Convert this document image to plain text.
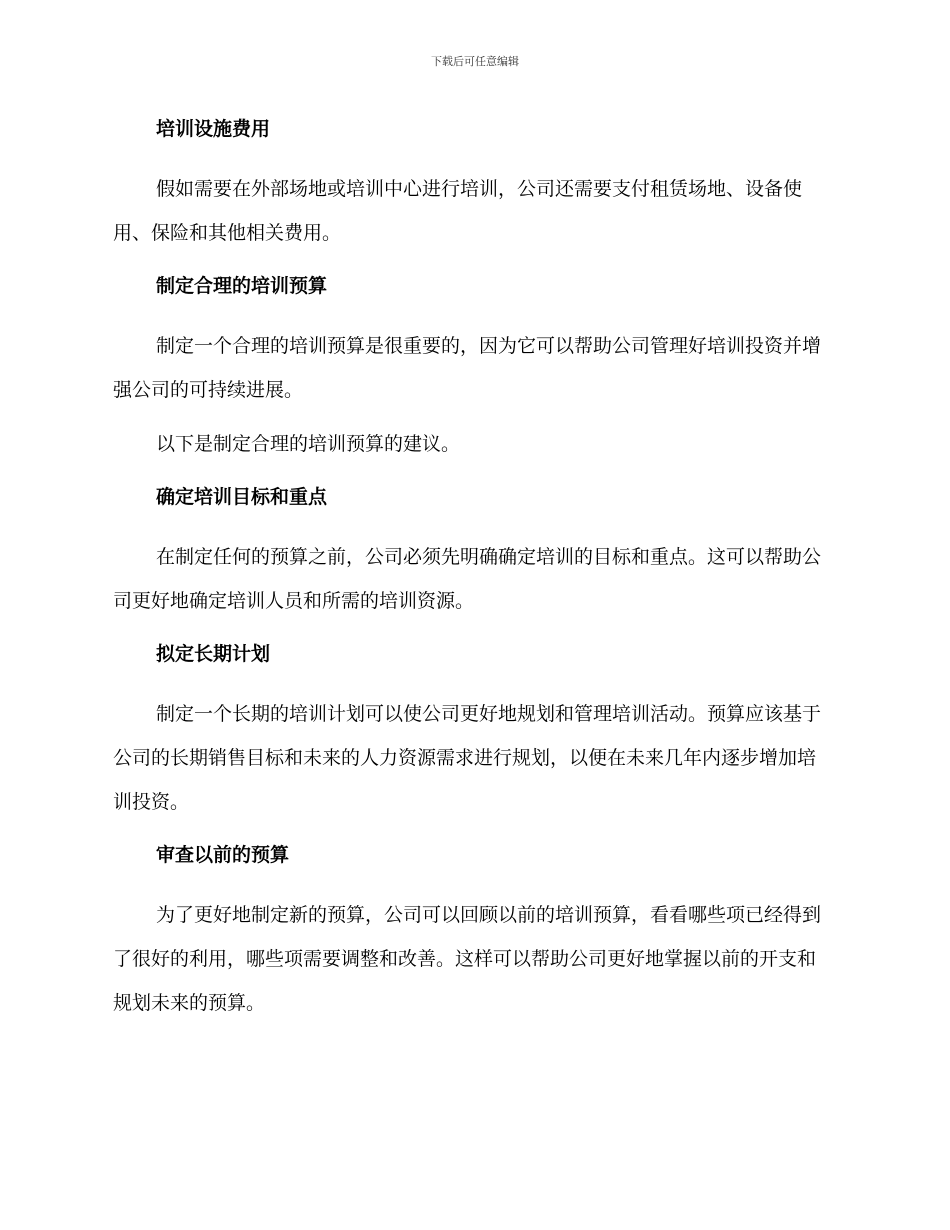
下载后可任意编辑
培训设施费用

假如需要在外部场地或培训中心进行培训，公司还需要支付租赁场地、设备使用、保险和其他相关费用。

制定合理的培训预算

制定一个合理的培训预算是很重要的，因为它可以帮助公司管理好培训投资并增强公司的可持续进展。

以下是制定合理的培训预算的建议。

确定培训目标和重点

在制定任何的预算之前，公司必须先明确确定培训的目标和重点。这可以帮助公司更好地确定培训人员和所需的培训资源。

拟定长期计划

制定一个长期的培训计划可以使公司更好地规划和管理培训活动。预算应该基于公司的长期销售目标和未来的人力资源需求进行规划，以便在未来几年内逐步增加培训投资。

审查以前的预算

为了更好地制定新的预算，公司可以回顾以前的培训预算，看看哪些项已经得到了很好的利用，哪些项需要调整和改善。这样可以帮助公司更好地掌握以前的开支和规划未来的预算。
